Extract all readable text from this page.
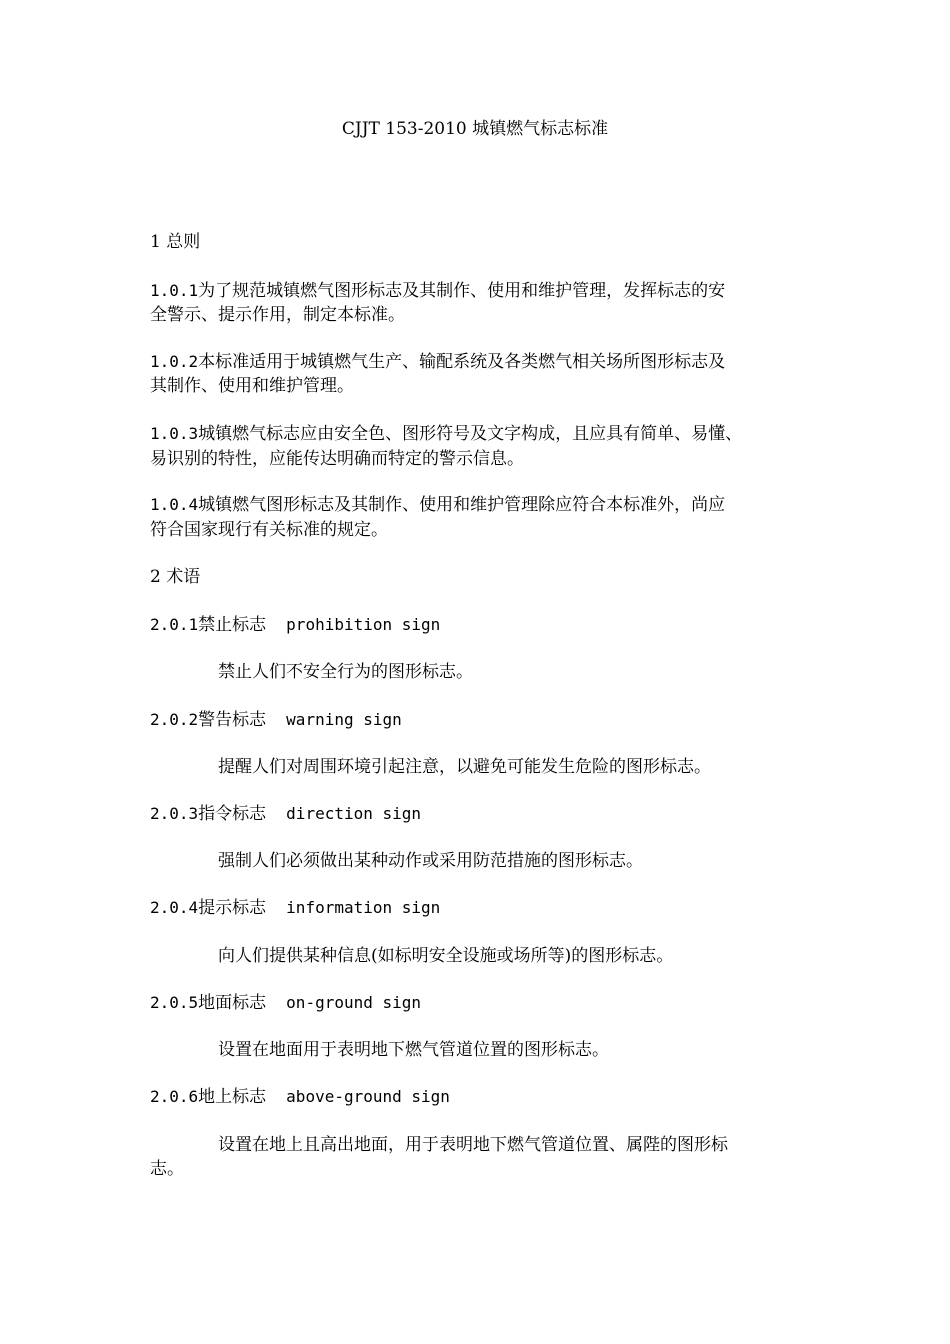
CJJT 153-2010 城镇燃气标志标准
1 总则
1.0.1为了规范城镇燃气图形标志及其制作、使用和维护管理，发挥标志的安
全警示、提示作用，制定本标准。
1.0.2本标准适用于城镇燃气生产、输配系统及各类燃气相关场所图形标志及
其制作、使用和维护管理。
1.0.3城镇燃气标志应由安全色、图形符号及文字构成，且应具有简单、易懂、
易识别的特性，应能传达明确而特定的警示信息。
1.0.4城镇燃气图形标志及其制作、使用和维护管理除应符合本标准外，尚应
符合国家现行有关标准的规定。
2 术语
2.0.1禁止标志 prohibition sign
禁止人们不安全行为的图形标志。
2.0.2警告标志 warning sign
提醒人们对周围环境引起注意，以避免可能发生危险的图形标志。
2.0.3指令标志 direction sign
强制人们必须做出某种动作或采用防范措施的图形标志。
2.0.4提示标志 information sign
向人们提供某种信息(如标明安全设施或场所等)的图形标志。
2.0.5地面标志 on-ground sign
设置在地面用于表明地下燃气管道位置的图形标志。
2.0.6地上标志 above-ground sign
设置在地上且高出地面，用于表明地下燃气管道位置、属陛的图形标
志。
